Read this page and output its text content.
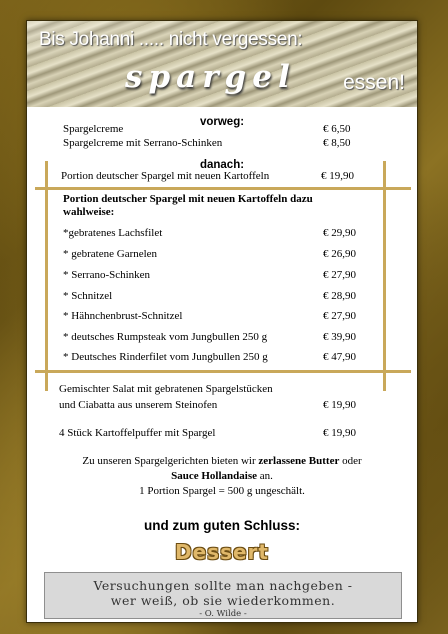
Bis Johanni ..... nicht vergessen:
spargel essen!
vorweg:
Spargelcreme	€ 6,50
Spargelcreme mit Serrano-Schinken	€ 8,50
danach:
Portion deutscher Spargel mit neuen Kartoffeln	€ 19,90
Portion deutscher Spargel mit neuen Kartoffeln dazu wahlweise:
*gebratenes Lachsfilet	€ 29,90
* gebratene Garnelen	€ 26,90
* Serrano-Schinken	€ 27,90
* Schnitzel	€ 28,90
* Hähnchenbrust-Schnitzel	€ 27,90
* deutsches Rumpsteak vom Jungbullen 250 g	€ 39,90
* Deutsches Rinderfilet vom Jungbullen 250 g	€ 47,90
Gemischter Salat mit gebratenen Spargelstücken
und Ciabatta aus unserem Steinofen	€ 19,90
4 Stück Kartoffelpuffer mit Spargel	€ 19,90
Zu unseren Spargelgerichten bieten wir zerlassene Butter oder
Sauce Hollandaise an.
1 Portion Spargel = 500 g ungeschält.
und zum guten Schluss:
Dessert
Versuchungen sollte man nachgeben -
wer weiß, ob sie wiederkommen.
- O. Wilde -
